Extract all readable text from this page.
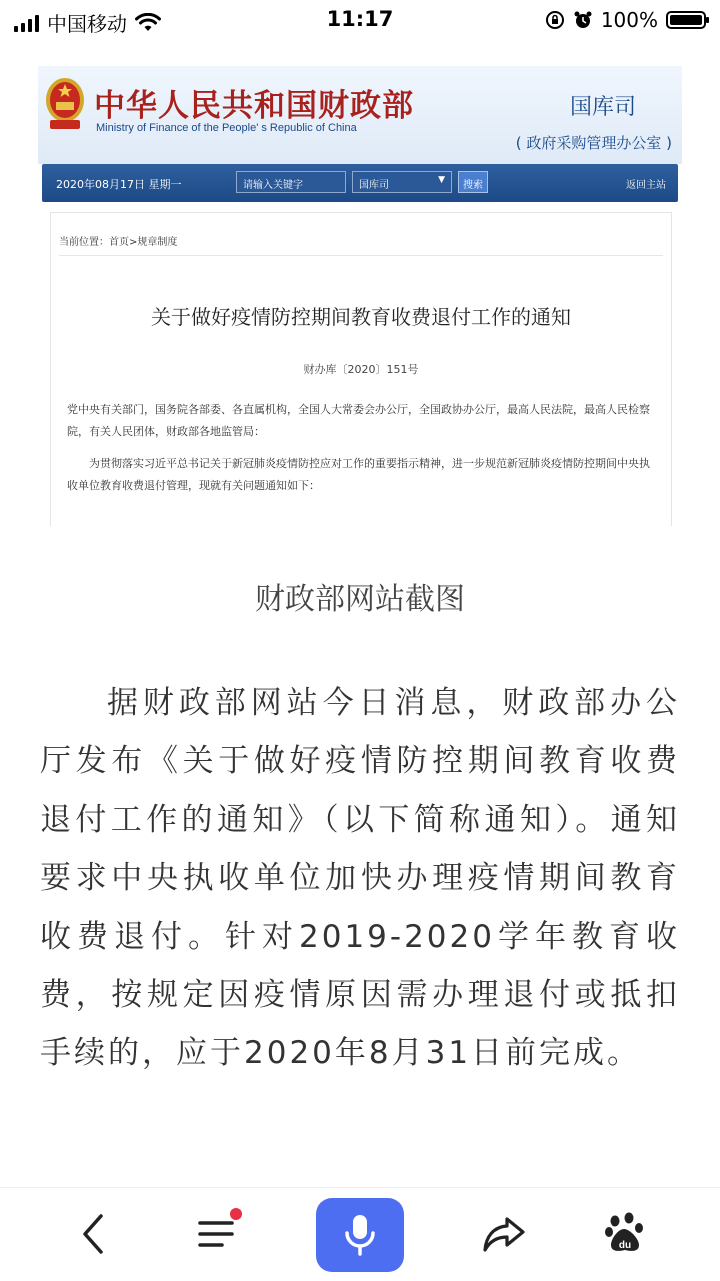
中国移动	11:17	100%
中华人民共和国财政部
Ministry of Finance of the People' s Republic of China
国库司
( 政府采购管理办公室 )
2020年08月17日 星期一	请输入关键字	国库司	▼	搜索	返回主站
当前位置：首页>规章制度
关于做好疫情防控期间教育收费退付工作的通知
财办库〔2020〕151号

党中央有关部门，国务院各部委、各直属机构，全国人大常委会办公厅，全国政协办公厅，最高人民法院，最高人民检察院，有关人民团体，财政部各地监管局：

为贯彻落实习近平总书记关于新冠肺炎疫情防控应对工作的重要指示精神，进一步规范新冠肺炎疫情防控期间中央执收单位教育收费退付管理，现就有关问题通知如下：

财政部网站截图

据财政部网站今日消息，财政部办公厅发布《关于做好疫情防控期间教育收费退付工作的通知》（以下简称通知）。通知要求中央执收单位加快办理疫情期间教育收费退付。针对2019-2020学年教育收费，按规定因疫情原因需办理退付或抵扣手续的，应于2020年8月31日前完成。

du
